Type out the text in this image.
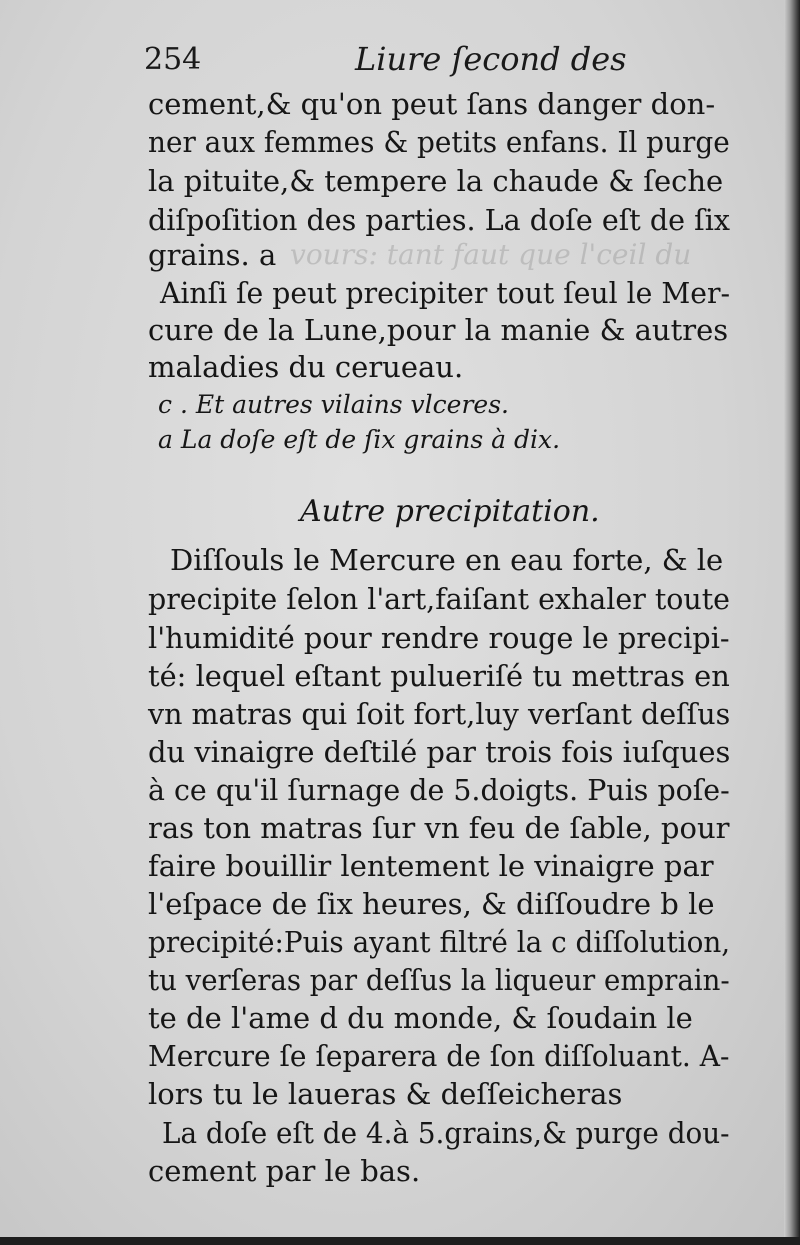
vours: tant faut que l'ceil du
254	Liure ſecond des
cement,& qu'on peut ſans danger don-
ner aux femmes & petits enfans. Il purge
la pituite,& tempere la chaude & ſeche
diſpoſition des parties. La doſe eſt de ſix
grains. a
Ainſi ſe peut precipiter tout ſeul le Mer-
cure de la Lune,pour la manie & autres
maladies du cerueau.
c . Et autres vilains vlceres.
a La doſe eſt de ſix grains à dix.
Autre precipitation.
Diſſouls le Mercure en eau forte, & le
precipite ſelon l'art,faiſant exhaler toute
l'humidité pour rendre rouge le precipi-
té: lequel eſtant pulueriſé tu mettras en
vn matras qui ſoit fort,luy verſant deſſus
du vinaigre deſtilé par trois fois iuſques
à ce qu'il ſurnage de 5.doigts. Puis poſe-
ras ton matras ſur vn feu de ſable, pour
faire bouillir lentement le vinaigre par
l'eſpace de ſix heures, & diſſoudre b le
precipité:Puis ayant filtré la c diſſolution,
tu verſeras par deſſus la liqueur emprain-
te de l'ame d du monde, & ſoudain le
Mercure ſe ſeparera de ſon diſſoluant. A-
lors tu le laueras & deſſeicheras
La doſe eſt de 4.à 5.grains,& purge dou-
cement par le bas.
